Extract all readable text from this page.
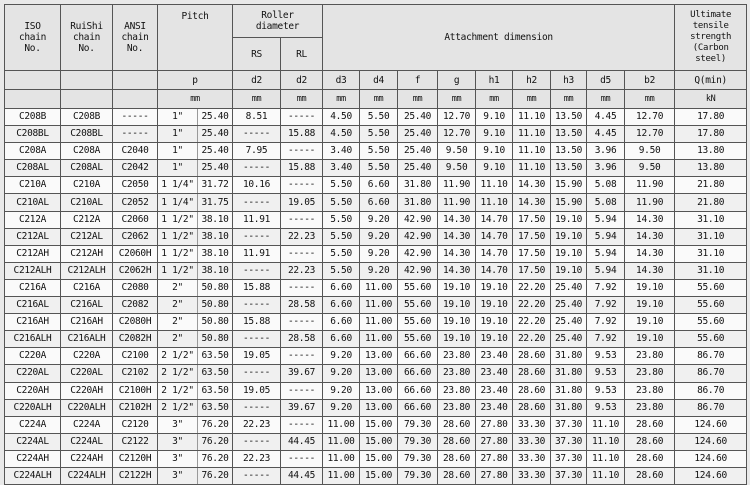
ISO
chain
No.	RuiShi
chain
No.	ANSI
chain
No.	Pitch		Roller
diameter		Attachment dimension									Ultimate
tensile
strength
(Carbon
steel)
					RS	RL										
			p		d2	d2	d3	d4	f	g	h1	h2	h3	d5	b2	Q(min)
			mm		mm	mm	mm	mm	mm	mm	mm	mm	mm	mm	mm	kN
C208B	C208B	-----	1"	25.40	8.51	-----	4.50	5.50	25.40	12.70	9.10	11.10	13.50	4.45	12.70	17.80
C208BL	C208BL	-----	1"	25.40	-----	15.88	4.50	5.50	25.40	12.70	9.10	11.10	13.50	4.45	12.70	17.80
C208A	C208A	C2040	1"	25.40	7.95	-----	3.40	5.50	25.40	9.50	9.10	11.10	13.50	3.96	9.50	13.80
C208AL	C208AL	C2042	1"	25.40	-----	15.88	3.40	5.50	25.40	9.50	9.10	11.10	13.50	3.96	9.50	13.80
C210A	C210A	C2050	1 1/4"	31.72	10.16	-----	5.50	6.60	31.80	11.90	11.10	14.30	15.90	5.08	11.90	21.80
C210AL	C210AL	C2052	1 1/4"	31.75	-----	19.05	5.50	6.60	31.80	11.90	11.10	14.30	15.90	5.08	11.90	21.80
C212A	C212A	C2060	1 1/2"	38.10	11.91	-----	5.50	9.20	42.90	14.30	14.70	17.50	19.10	5.94	14.30	31.10
C212AL	C212AL	C2062	1 1/2"	38.10	-----	22.23	5.50	9.20	42.90	14.30	14.70	17.50	19.10	5.94	14.30	31.10
C212AH	C212AH	C2060H	1 1/2"	38.10	11.91	-----	5.50	9.20	42.90	14.30	14.70	17.50	19.10	5.94	14.30	31.10
C212ALH	C212ALH	C2062H	1 1/2"	38.10	-----	22.23	5.50	9.20	42.90	14.30	14.70	17.50	19.10	5.94	14.30	31.10
C216A	C216A	C2080	2"	50.80	15.88	-----	6.60	11.00	55.60	19.10	19.10	22.20	25.40	7.92	19.10	55.60
C216AL	C216AL	C2082	2"	50.80	-----	28.58	6.60	11.00	55.60	19.10	19.10	22.20	25.40	7.92	19.10	55.60
C216AH	C216AH	C2080H	2"	50.80	15.88	-----	6.60	11.00	55.60	19.10	19.10	22.20	25.40	7.92	19.10	55.60
C216ALH	C216ALH	C2082H	2"	50.80	-----	28.58	6.60	11.00	55.60	19.10	19.10	22.20	25.40	7.92	19.10	55.60
C220A	C220A	C2100	2 1/2"	63.50	19.05	-----	9.20	13.00	66.60	23.80	23.40	28.60	31.80	9.53	23.80	86.70
C220AL	C220AL	C2102	2 1/2"	63.50	-----	39.67	9.20	13.00	66.60	23.80	23.40	28.60	31.80	9.53	23.80	86.70
C220AH	C220AH	C2100H	2 1/2"	63.50	19.05	-----	9.20	13.00	66.60	23.80	23.40	28.60	31.80	9.53	23.80	86.70
C220ALH	C220ALH	C2102H	2 1/2"	63.50	-----	39.67	9.20	13.00	66.60	23.80	23.40	28.60	31.80	9.53	23.80	86.70
C224A	C224A	C2120	3"	76.20	22.23	-----	11.00	15.00	79.30	28.60	27.80	33.30	37.30	11.10	28.60	124.60
C224AL	C224AL	C2122	3"	76.20	-----	44.45	11.00	15.00	79.30	28.60	27.80	33.30	37.30	11.10	28.60	124.60
C224AH	C224AH	C2120H	3"	76.20	22.23	-----	11.00	15.00	79.30	28.60	27.80	33.30	37.30	11.10	28.60	124.60
C224ALH	C224ALH	C2122H	3"	76.20	-----	44.45	11.00	15.00	79.30	28.60	27.80	33.30	37.30	11.10	28.60	124.60
